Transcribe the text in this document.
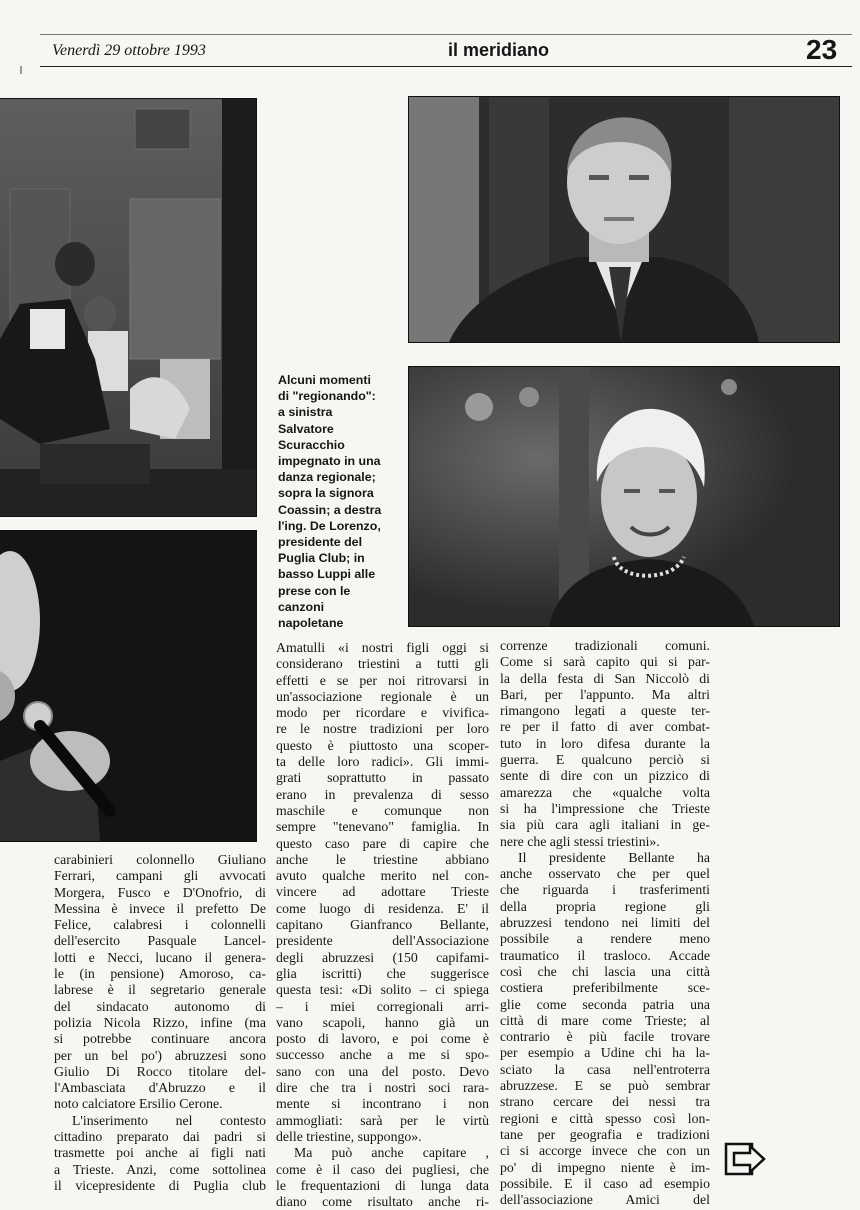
Venerdì 29 ottobre 1993	il meridiano	23
Alcuni momenti
di "regionando":
a sinistra
Salvatore
Scuracchio
impegnato in una
danza regionale;
sopra la signora
Coassin; a destra
l'ing. De Lorenzo,
presidente del
Puglia Club; in
basso Luppi alle
prese con le
canzoni
napoletane
carabinieri colonnello Giuliano
Ferrari, campani gli avvocati
Morgera, Fusco e D'Onofrio, di
Messina è invece il prefetto De
Felice, calabresi i colonnelli
dell'esercito Pasquale Lancel-
lotti e Necci, lucano il genera-
le (in pensione) Amoroso, ca-
labrese è il segretario generale
del sindacato autonomo di
polizia Nicola Rizzo, infine (ma
si potrebbe continuare ancora
per un bel po') abruzzesi sono
Giulio Di Rocco titolare del-
l'Ambasciata d'Abruzzo e il
noto calciatore Ersilio Cerone.
L'inserimento nel contesto
cittadino preparato dai padri si
trasmette poi anche ai figli nati
a Trieste. Anzi, come sottolinea
il vicepresidente di Puglia club
Amatulli «i nostri figli oggi si
considerano triestini a tutti gli
effetti e se per noi ritrovarsi in
un'associazione regionale è un
modo per ricordare e vivifica-
re le nostre tradizioni per loro
questo è piuttosto una scoper-
ta delle loro radici». Gli immi-
grati soprattutto in passato
erano in prevalenza di sesso
maschile e comunque non
sempre "tenevano" famiglia. In
questo caso pare di capire che
anche le triestine abbiano
avuto qualche merito nel con-
vincere ad adottare Trieste
come luogo di residenza. E' il
capitano Gianfranco Bellante,
presidente dell'Associazione
degli abruzzesi (150 capifami-
glia iscritti) che suggerisce
questa tesi: «Di solito – ci spiega
– i miei corregionali arri-
vano scapoli, hanno già un
posto di lavoro, e poi come è
successo anche a me si spo-
sano con una del posto. Devo
dire che tra i nostri soci rara-
mente si incontrano i non
ammogliati: sarà per le virtù
delle triestine, suppongo».
Ma può anche capitare ,
come è il caso dei pugliesi, che
le frequentazioni di lunga data
diano come risultato anche ri-
correnze tradizionali comuni.
Come si sarà capito qui si par-
la della festa di San Niccolò di
Bari, per l'appunto. Ma altri
rimangono legati a queste ter-
re per il fatto di aver combat-
tuto in loro difesa durante la
guerra. E qualcuno perciò si
sente di dire con un pizzico di
amarezza che «qualche volta
si ha l'impressione che Trieste
sia più cara agli italiani in ge-
nere che agli stessi triestini».
Il presidente Bellante ha
anche osservato che per quel
che riguarda i trasferimenti
della propria regione gli
abruzzesi tendono nei limiti del
possibile a rendere meno
traumatico il trasloco. Accade
così che chi lascia una città
costiera preferibilmente sce-
glie come seconda patria una
città di mare come Trieste; al
contrario è più facile trovare
per esempio a Udine chi ha la-
sciato la casa nell'entroterra
abruzzese. E se può sembrar
strano cercare dei nessi tra
regioni e città spesso così lon-
tane per geografia e tradizioni
ci si accorge invece che con un
po' di impegno niente è im-
possibile. E il caso ad esempio
dell'associazione Amici del
